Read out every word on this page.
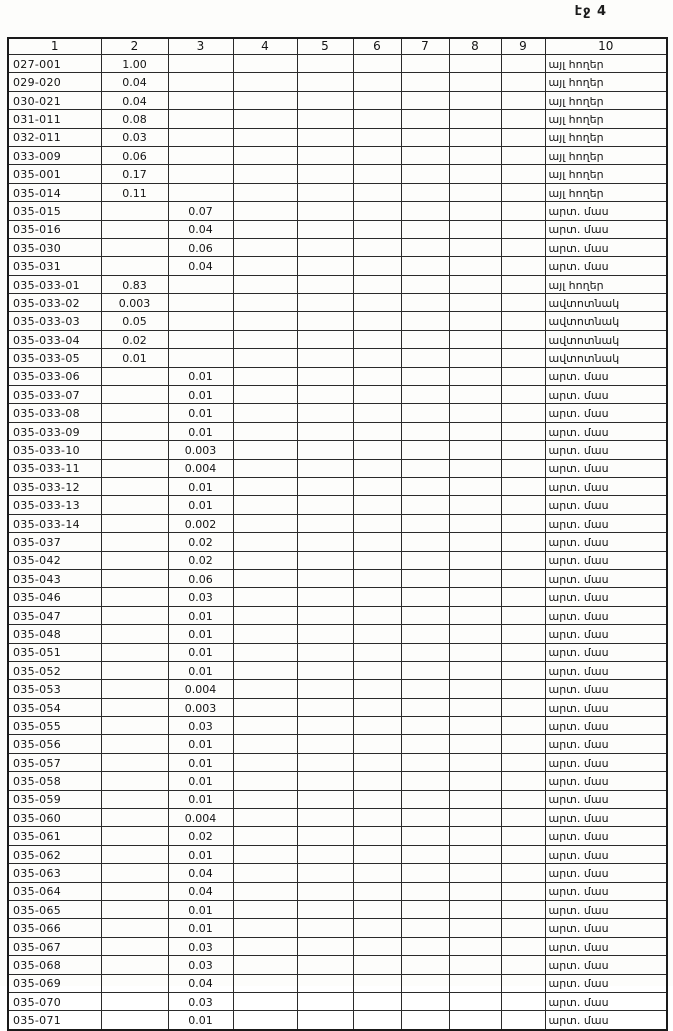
էջ 4
1	2	3	4	5	6	7	8	9	10
027-001	1.00								այլ հողեր
029-020	0.04								այլ հողեր
030-021	0.04								այլ հողեր
031-011	0.08								այլ հողեր
032-011	0.03								այլ հողեր
033-009	0.06								այլ հողեր
035-001	0.17								այլ հողեր
035-014	0.11								այլ հողեր
035-015		0.07							արտ. մաս
035-016		0.04							արտ. մաս
035-030		0.06							արտ. մաս
035-031		0.04							արտ. մաս
035-033-01	0.83								այլ հողեր
035-033-02	0.003								ավտոտնակ
035-033-03	0.05								ավտոտնակ
035-033-04	0.02								ավտոտնակ
035-033-05	0.01								ավտոտնակ
035-033-06		0.01							արտ. մաս
035-033-07		0.01							արտ. մաս
035-033-08		0.01							արտ. մաս
035-033-09		0.01							արտ. մաս
035-033-10		0.003							արտ. մաս
035-033-11		0.004							արտ. մաս
035-033-12		0.01							արտ. մաս
035-033-13		0.01							արտ. մաս
035-033-14		0.002							արտ. մաս
035-037		0.02							արտ. մաս
035-042		0.02							արտ. մաս
035-043		0.06							արտ. մաս
035-046		0.03							արտ. մաս
035-047		0.01							արտ. մաս
035-048		0.01							արտ. մաս
035-051		0.01							արտ. մաս
035-052		0.01							արտ. մաս
035-053		0.004							արտ. մաս
035-054		0.003							արտ. մաս
035-055		0.03							արտ. մաս
035-056		0.01							արտ. մաս
035-057		0.01							արտ. մաս
035-058		0.01							արտ. մաս
035-059		0.01							արտ. մաս
035-060		0.004							արտ. մաս
035-061		0.02							արտ. մաս
035-062		0.01							արտ. մաս
035-063		0.04							արտ. մաս
035-064		0.04							արտ. մաս
035-065		0.01							արտ. մաս
035-066		0.01							արտ. մաս
035-067		0.03							արտ. մաս
035-068		0.03							արտ. մաս
035-069		0.04							արտ. մաս
035-070		0.03							արտ. մաս
035-071		0.01							արտ. մաս
